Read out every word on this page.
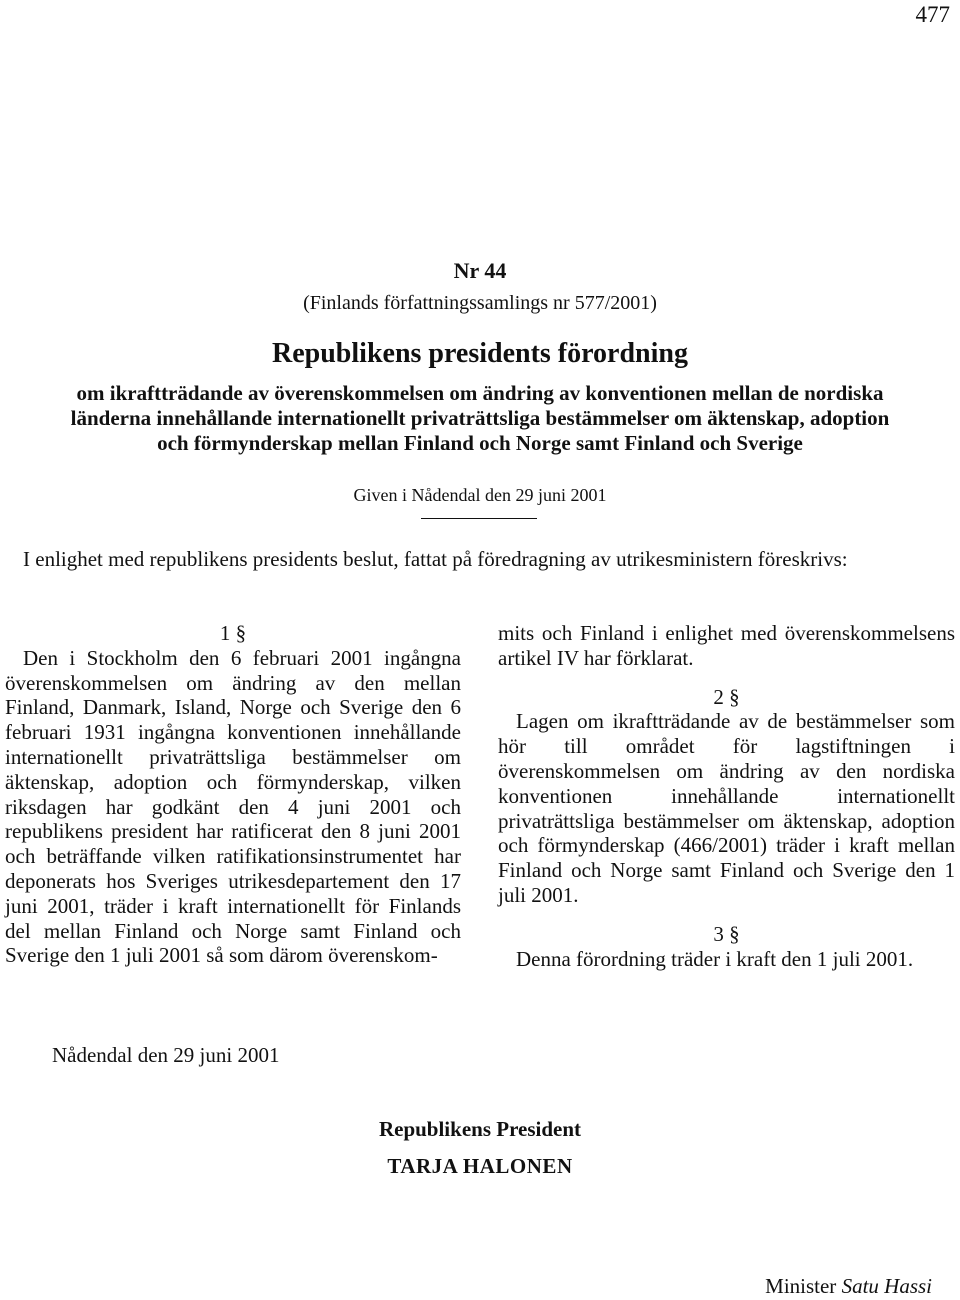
477
Nr 44
(Finlands författningssamlings nr 577/2001)
Republikens presidents förordning
om ikraftträdande av överenskommelsen om ändring av konventionen mellan de nordiska
länderna innehållande internationellt privaträttsliga bestämmelser om äktenskap, adoption
och förmynderskap mellan Finland och Norge samt Finland och Sverige
Given i Nådendal den 29 juni 2001
I enlighet med republikens presidents beslut, fattat på föredragning av utrikesministern föreskrivs:

1 §

Den i Stockholm den 6 februari 2001 ingångna överenskommelsen om ändring av den mellan Finland, Danmark, Island, Norge och Sverige den 6 februari 1931 ingångna konventionen innehållande internationellt privaträttsliga bestämmelser om äktenskap, adoption och förmynderskap, vilken riksdagen har godkänt den 4 juni 2001 och republikens president har ratificerat den 8 juni 2001 och beträffande vilken ratifikationsinstrumentet har deponerats hos Sveriges utrikesdepartement den 17 juni 2001, träder i kraft internationellt för Finlands del mellan Finland och Norge samt Finland och Sverige den 1 juli 2001 så som därom överenskom-

mits och Finland i enlighet med överenskommelsens artikel IV har förklarat.

2 §

Lagen om ikraftträdande av de bestämmelser som hör till området för lagstiftningen i överenskommelsen om ändring av den nordiska konventionen innehållande internationellt privaträttsliga bestämmelser om äktenskap, adoption och förmynderskap (466/2001) träder i kraft mellan Finland och Norge samt Finland och Sverige den 1 juli 2001.

3 §

Denna förordning träder i kraft den 1 juli 2001.

Nådendal den 29 juni 2001
Republikens President
TARJA HALONEN
Minister Satu Hassi
